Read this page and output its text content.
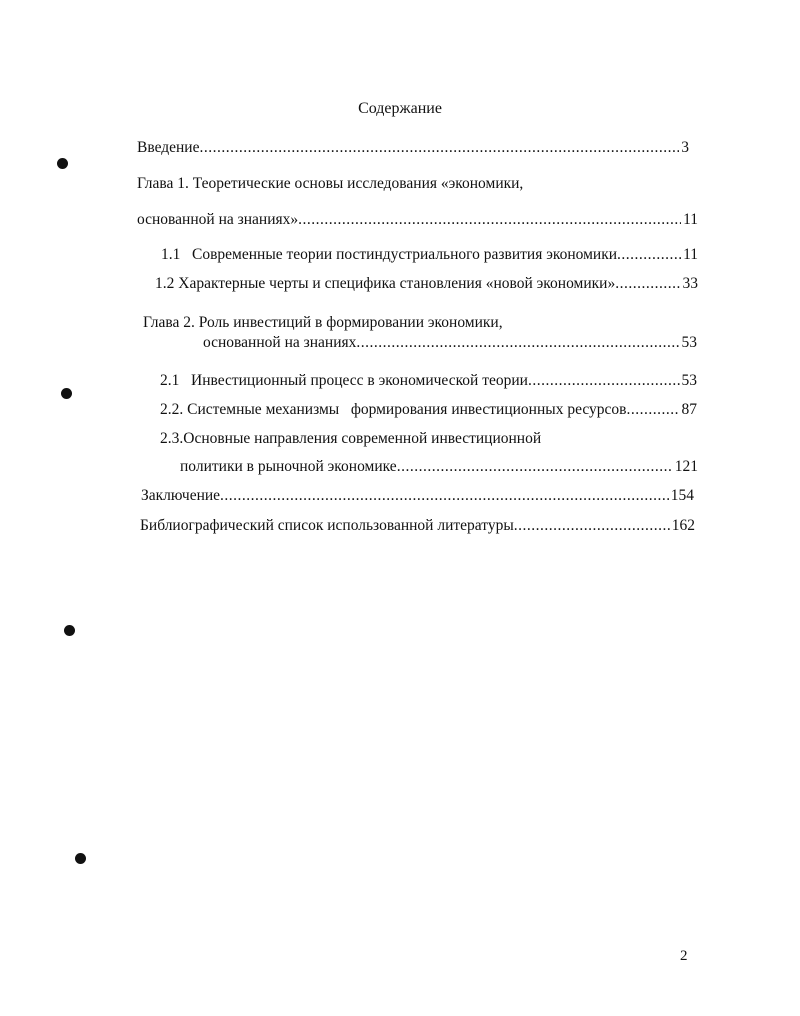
Содержание
Введение .....	3
Глава 1. Теоретические основы исследования «экономики,
основанной на знаниях» .....	11
1.1   Современные теории постиндустриального развития экономики .....	11
1.2 Характерные черты и специфика становления «новой экономики» .....	33
Глава 2. Роль инвестиций в формировании экономики,
основанной на знаниях .....	53
2.1   Инвестиционный процесс в экономической теории .....	53
2.2. Системные механизмы   формирования инвестиционных ресурсов .....	87
2.3.Основные направления современной инвестиционной
политики в рыночной экономике .....	121
Заключение .....	154
Библиографический список использованной литературы .....	162
2
